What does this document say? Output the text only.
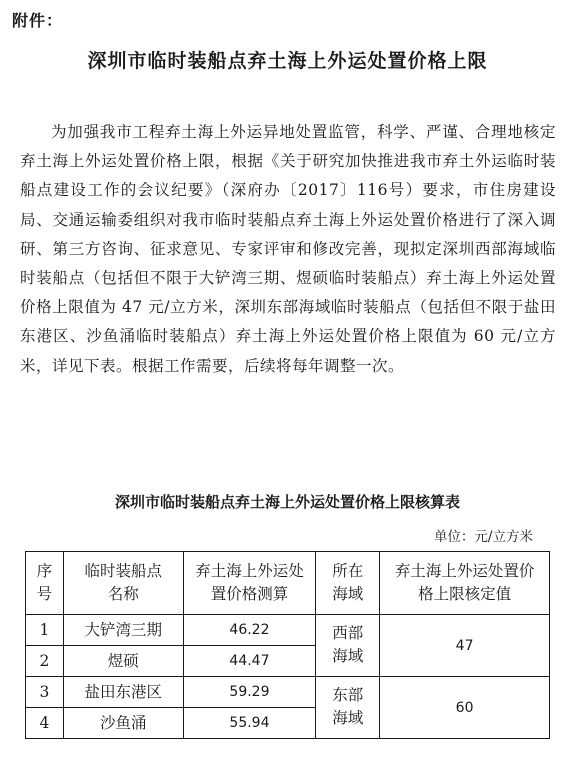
附件：
深圳市临时装船点弃土海上外运处置价格上限

为加强我市工程弃土海上外运异地处置监管，科学、严谨、合理地核定弃土海上外运处置价格上限，根据《关于研究加快推进我市弃土外运临时装船点建设工作的会议纪要》（深府办〔2017〕116号）要求，市住房建设局、交通运输委组织对我市临时装船点弃土海上外运处置价格进行了深入调研、第三方咨询、征求意见、专家评审和修改完善，现拟定深圳西部海域临时装船点（包括但不限于大铲湾三期、煜硕临时装船点）弃土海上外运处置价格上限值为 47 元/立方米，深圳东部海域临时装船点（包括但不限于盐田东港区、沙鱼涌临时装船点）弃土海上外运处置价格上限值为 60 元/立方米，详见下表。根据工作需要，后续将每年调整一次。

深圳市临时装船点弃土海上外运处置价格上限核算表
单位：元/立方米
序号	临时装船点名称	弃土海上外运处置价格测算	所在海域	弃土海上外运处置价格上限核定值
1	大铲湾三期	46.22	西部海域	47
2	煜硕	44.47		
3	盐田东港区	59.29	东部海域	60
4	沙鱼涌	55.94		
